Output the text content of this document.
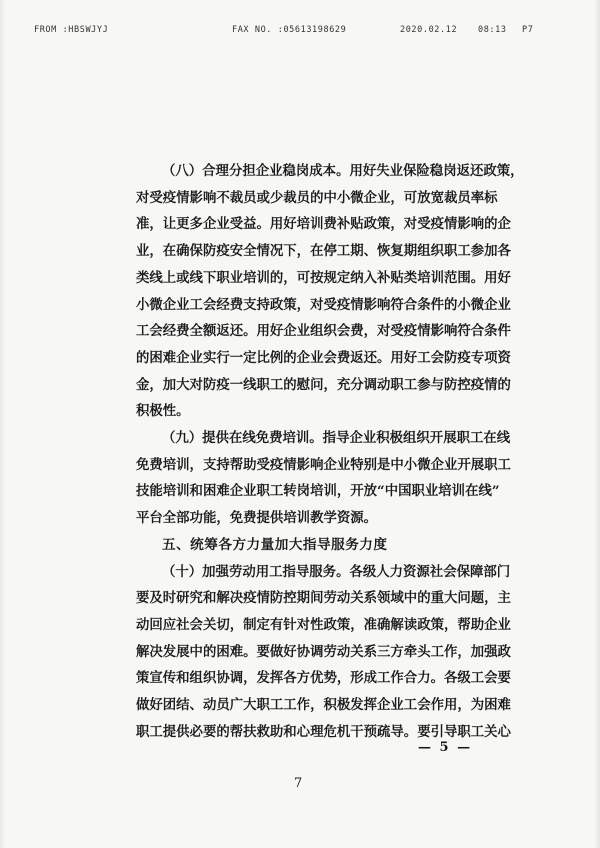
FROM :HBSWJYJ	FAX NO. :05613198629	2020.02.12 08:13 P7

（八）合理分担企业稳岗成本。用好失业保险稳岗返还政策，

对受疫情影响不裁员或少裁员的中小微企业，可放宽裁员率标

准，让更多企业受益。用好培训费补贴政策，对受疫情影响的企

业，在确保防疫安全情况下，在停工期、恢复期组织职工参加各

类线上或线下职业培训的，可按规定纳入补贴类培训范围。用好

小微企业工会经费支持政策，对受疫情影响符合条件的小微企业

工会经费全额返还。用好企业组织会费，对受疫情影响符合条件

的困难企业实行一定比例的企业会费返还。用好工会防疫专项资

金，加大对防疫一线职工的慰问，充分调动职工参与防控疫情的

积极性。

（九）提供在线免费培训。指导企业积极组织开展职工在线

免费培训，支持帮助受疫情影响企业特别是中小微企业开展职工

技能培训和困难企业职工转岗培训，开放“中国职业培训在线”

平台全部功能，免费提供培训教学资源。

五、统筹各方力量加大指导服务力度

（十）加强劳动用工指导服务。各级人力资源社会保障部门

要及时研究和解决疫情防控期间劳动关系领域中的重大问题，主

动回应社会关切，制定有针对性政策，准确解读政策，帮助企业

解决发展中的困难。要做好协调劳动关系三方牵头工作，加强政

策宣传和组织协调，发挥各方优势，形成工作合力。各级工会要

做好团结、动员广大职工工作，积极发挥企业工会作用，为困难

职工提供必要的帮扶救助和心理危机干预疏导。要引导职工关心

— 5 —
7
